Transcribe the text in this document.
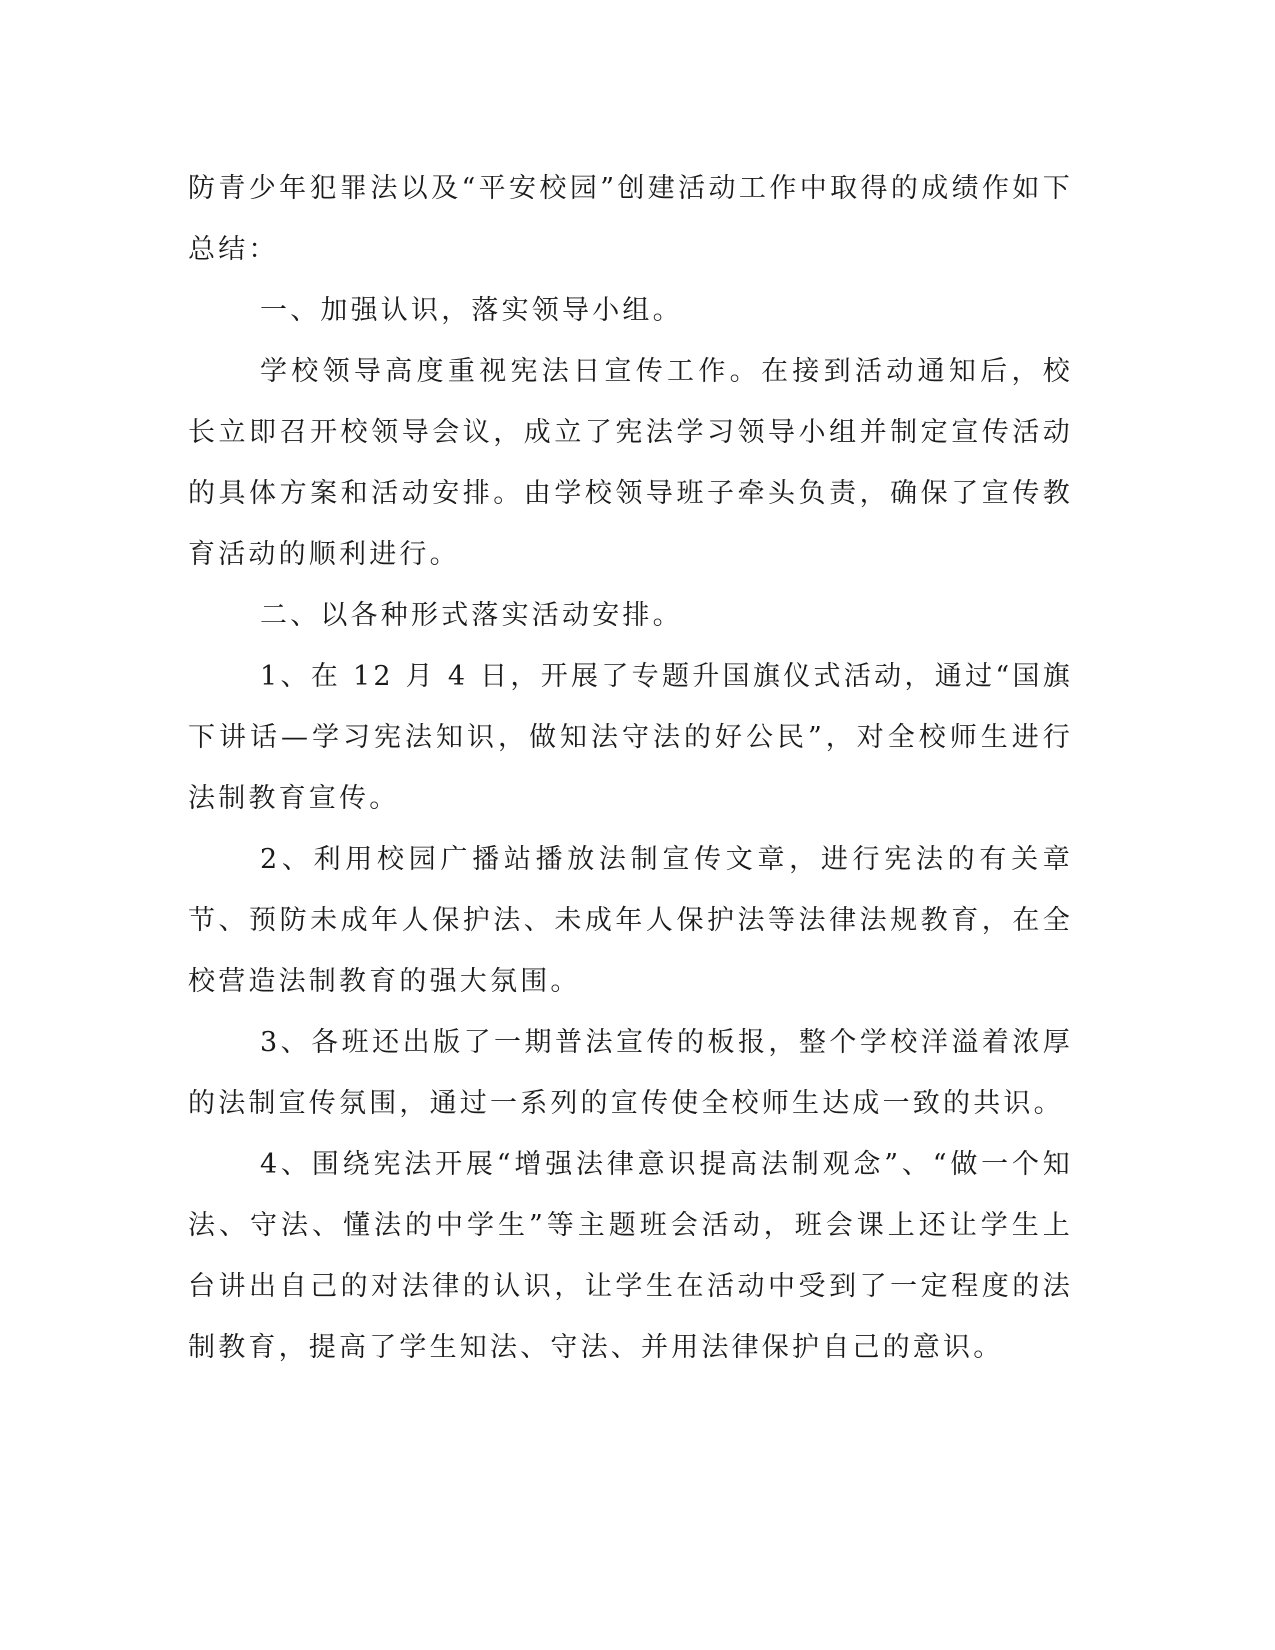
防青少年犯罪法以及“平安校园”创建活动工作中取得的成绩作如下总结：

一、加强认识，落实领导小组。

学校领导高度重视宪法日宣传工作。在接到活动通知后，校长立即召开校领导会议，成立了宪法学习领导小组并制定宣传活动的具体方案和活动安排。由学校领导班子牵头负责，确保了宣传教育活动的顺利进行。

二、以各种形式落实活动安排。

1、在 12 月 4 日，开展了专题升国旗仪式活动，通过“国旗下讲话—学习宪法知识，做知法守法的好公民”，对全校师生进行法制教育宣传。

2、利用校园广播站播放法制宣传文章，进行宪法的有关章节、预防未成年人保护法、未成年人保护法等法律法规教育，在全校营造法制教育的强大氛围。

3、各班还出版了一期普法宣传的板报，整个学校洋溢着浓厚的法制宣传氛围，通过一系列的宣传使全校师生达成一致的共识。

4、围绕宪法开展“增强法律意识提高法制观念”、“做一个知法、守法、懂法的中学生”等主题班会活动，班会课上还让学生上台讲出自己的对法律的认识，让学生在活动中受到了一定程度的法制教育，提高了学生知法、守法、并用法律保护自己的意识。
